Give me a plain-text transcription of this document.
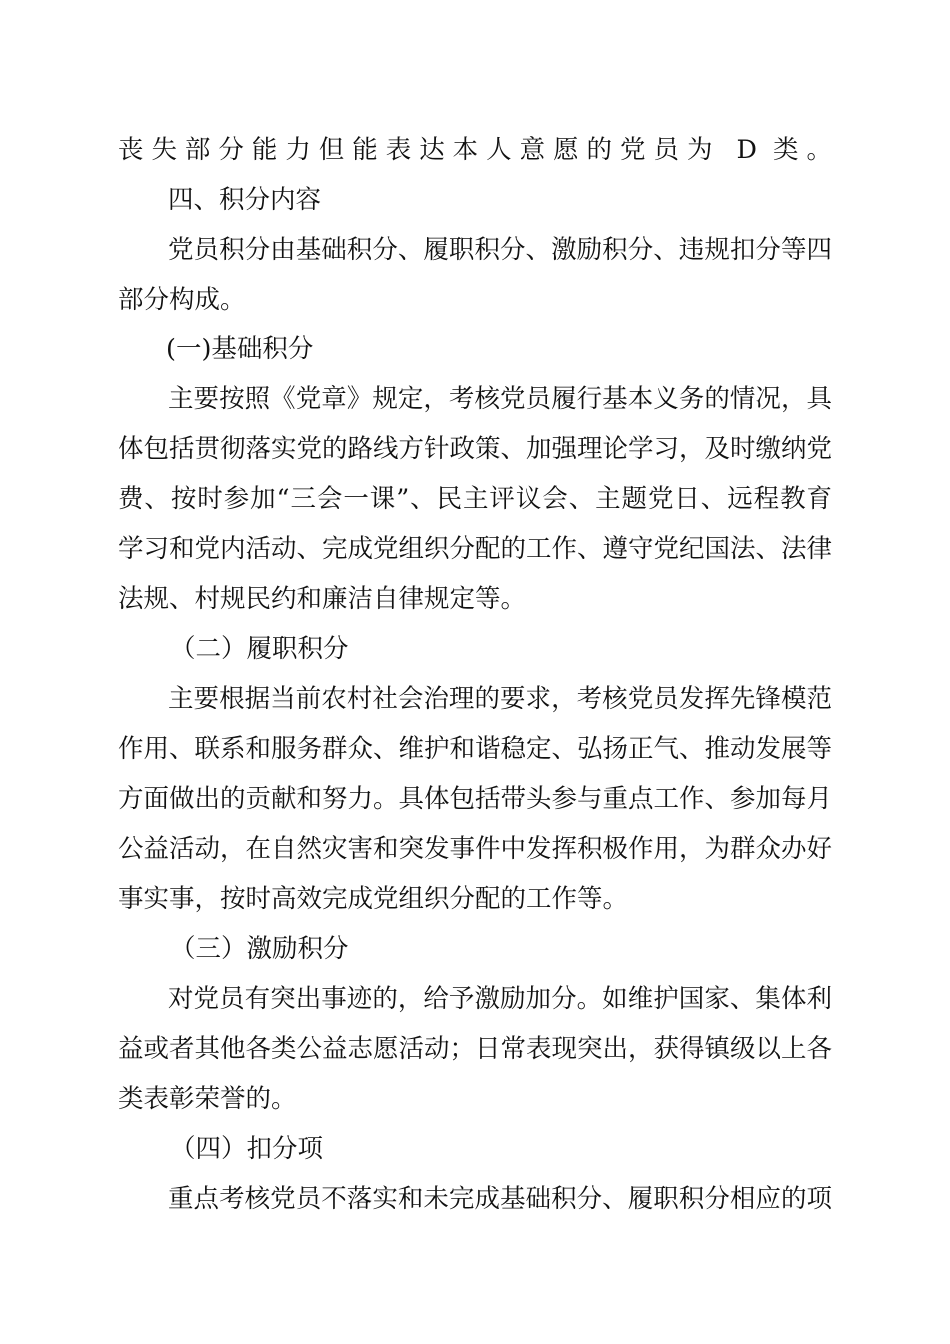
丧失部分能力但能表达本人意愿的党员为 D 类。
四、积分内容
党员积分由基础积分、履职积分、激励积分、违规扣分等四
部分构成。
(一)基础积分
主要按照《党章》规定，考核党员履行基本义务的情况，具
体包括贯彻落实党的路线方针政策、加强理论学习，及时缴纳党
费、按时参加“三会一课”、民主评议会、主题党日、远程教育
学习和党内活动、完成党组织分配的工作、遵守党纪国法、法律
法规、村规民约和廉洁自律规定等。
（二）履职积分
主要根据当前农村社会治理的要求，考核党员发挥先锋模范
作用、联系和服务群众、维护和谐稳定、弘扬正气、推动发展等
方面做出的贡献和努力。具体包括带头参与重点工作、参加每月
公益活动，在自然灾害和突发事件中发挥积极作用，为群众办好
事实事，按时高效完成党组织分配的工作等。
（三）激励积分
对党员有突出事迹的，给予激励加分。如维护国家、集体利
益或者其他各类公益志愿活动；日常表现突出，获得镇级以上各
类表彰荣誉的。
（四）扣分项
重点考核党员不落实和未完成基础积分、履职积分相应的项
